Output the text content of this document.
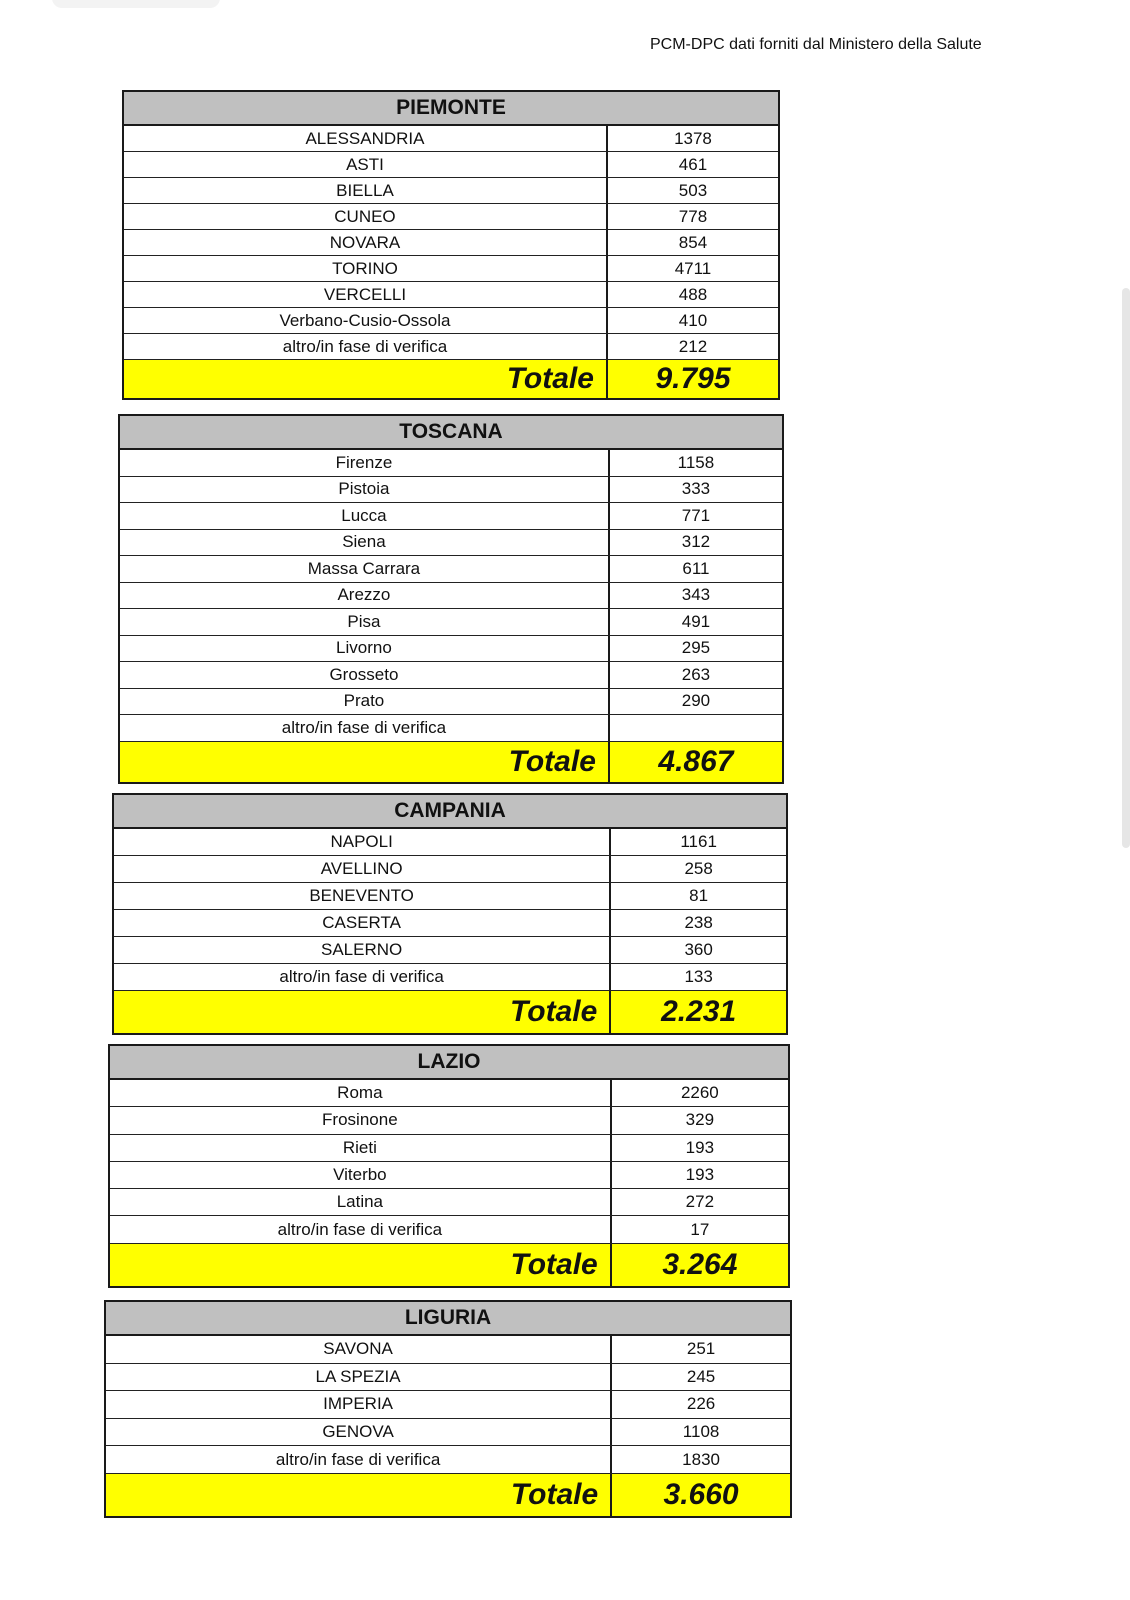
PCM-DPC dati forniti dal Ministero della Salute
PIEMONTE
ALESSANDRIA	1378
ASTI	461
BIELLA	503
CUNEO	778
NOVARA	854
TORINO	4711
VERCELLI	488
Verbano-Cusio-Ossola	410
altro/in fase di verifica	212
Totale	9.795
TOSCANA
Firenze	1158
Pistoia	333
Lucca	771
Siena	312
Massa Carrara	611
Arezzo	343
Pisa	491
Livorno	295
Grosseto	263
Prato	290
altro/in fase di verifica
Totale	4.867
CAMPANIA
NAPOLI	1161
AVELLINO	258
BENEVENTO	81
CASERTA	238
SALERNO	360
altro/in fase di verifica	133
Totale	2.231
LAZIO
Roma	2260
Frosinone	329
Rieti	193
Viterbo	193
Latina	272
altro/in fase di verifica	17
Totale	3.264
LIGURIA
SAVONA	251
LA SPEZIA	245
IMPERIA	226
GENOVA	1108
altro/in fase di verifica	1830
Totale	3.660
